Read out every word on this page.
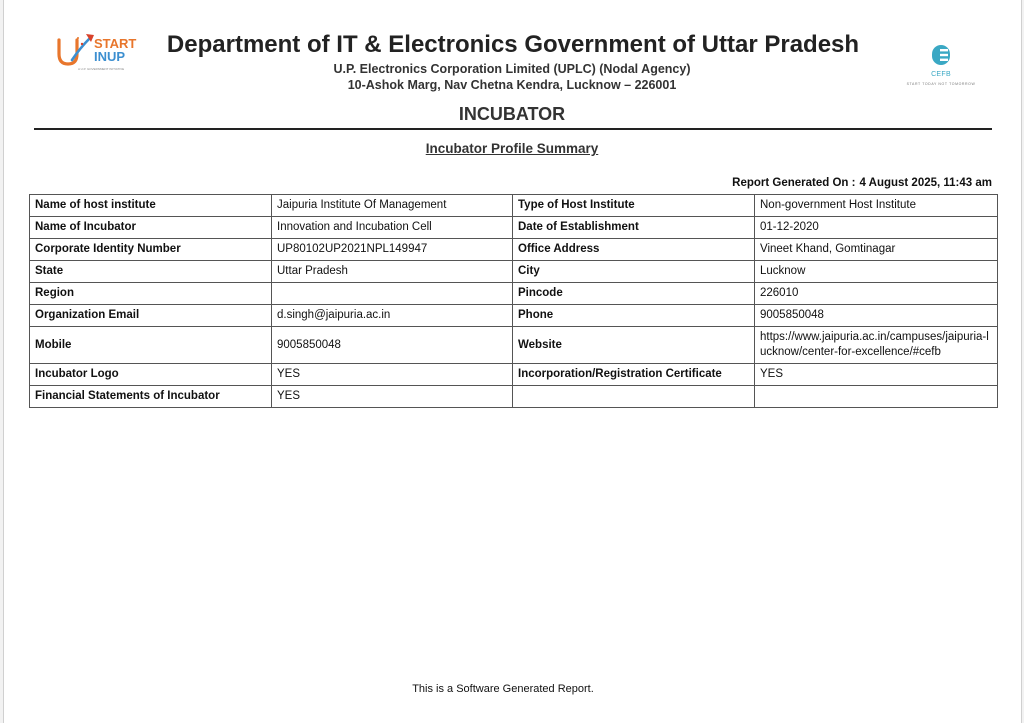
START
INUP
A U.P. GOVERNMENT INITIATIVE
CEFB
START TODAY NOT TOMORROW
Department of IT & Electronics Government of Uttar Pradesh
U.P. Electronics Corporation Limited (UPLC) (Nodal Agency)
10-Ashok Marg, Nav Chetna Kendra, Lucknow – 226001
INCUBATOR
Incubator Profile Summary
Report Generated On : 4 August 2025, 11:43 am
Name of host institute	Jaipuria Institute Of Management	Type of Host Institute	Non-government Host Institute
Name of Incubator	Innovation and Incubation Cell	Date of Establishment	01-12-2020
Corporate Identity Number	UP80102UP2021NPL149947	Office Address	Vineet Khand, Gomtinagar
State	Uttar Pradesh	City	Lucknow
Region		Pincode	226010
Organization Email	d.singh@jaipuria.ac.in	Phone	9005850048
Mobile	9005850048	Website	https://www.jaipuria.ac.in/campuses/jaipuria-lucknow/center-for-excellence/#cefb
Incubator Logo	YES	Incorporation/Registration Certificate	YES
Financial Statements of Incubator	YES		
This is a Software Generated Report.
